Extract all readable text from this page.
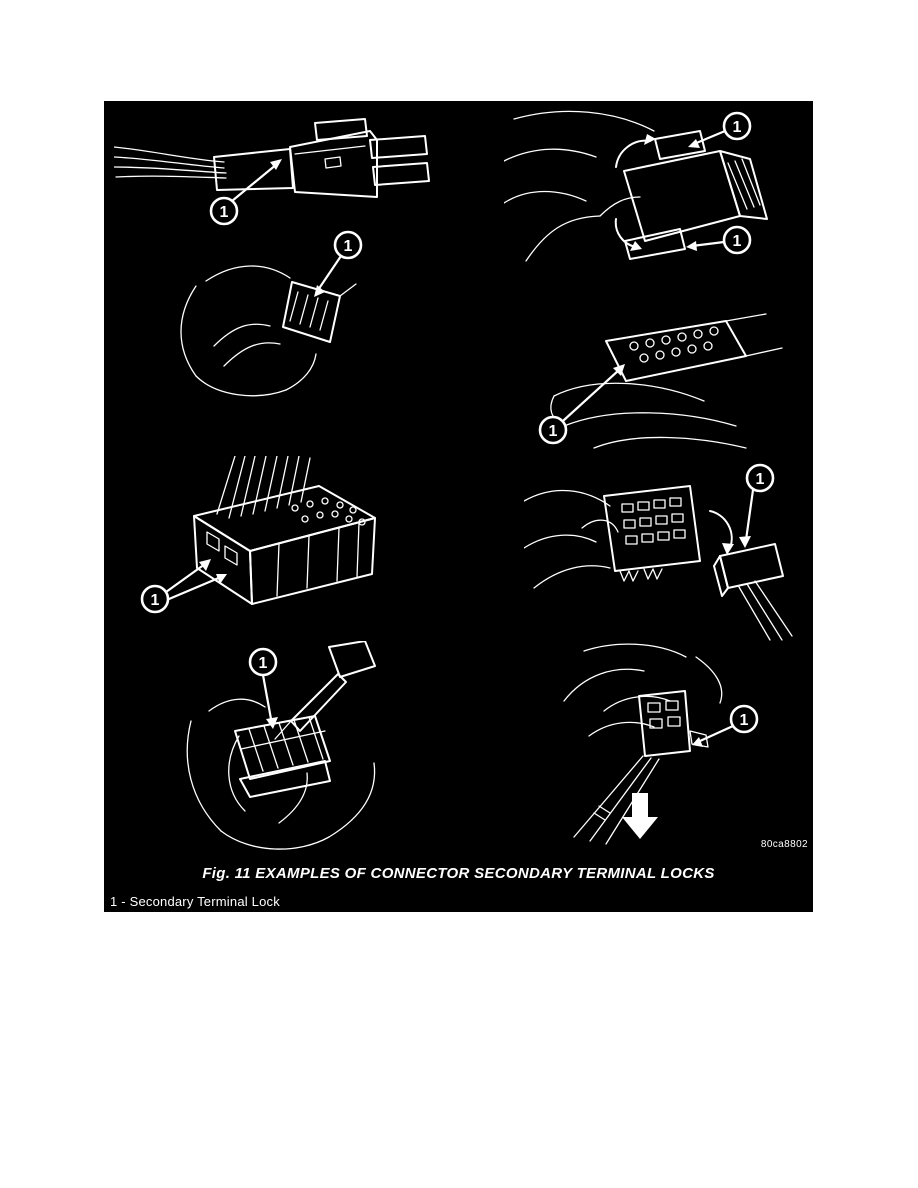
1
1
1
1
1
1
1
1
1
80ca8802
Fig. 11 EXAMPLES OF CONNECTOR SECONDARY TERMINAL LOCKS
1 - Secondary Terminal Lock
